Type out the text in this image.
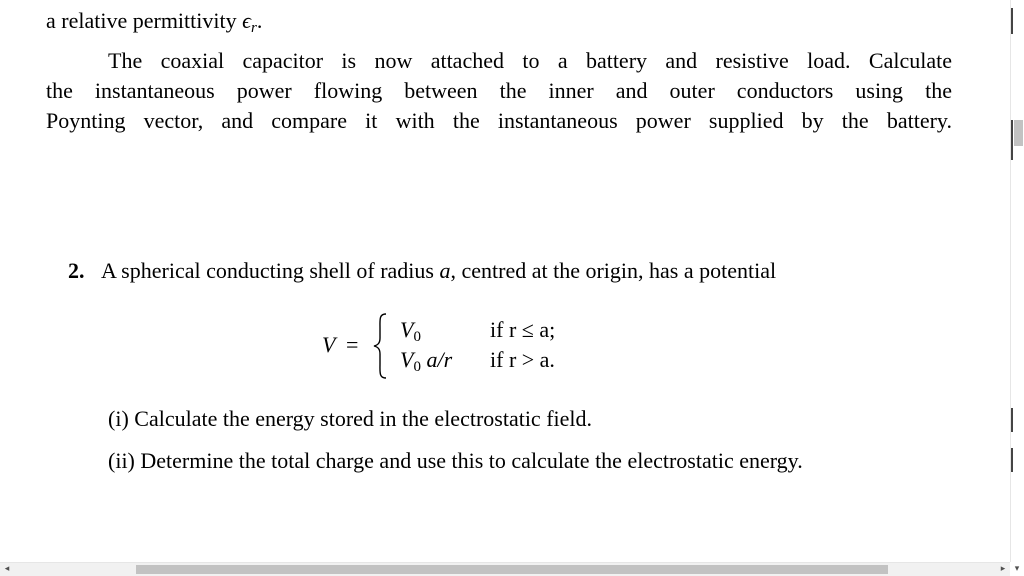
a relative permittivity $\epsilon_r$.
The coaxial capacitor is now attached to a battery and resistive load. Calculate
the instantaneous power flowing between the inner and outer conductors using the
Poynting vector, and compare it with the instantaneous power supplied by the battery.
2. A spherical conducting shell of radius a, centred at the origin, has a potential
V =
$V_0$	if r ≤ a;
$V_0$ a/r if r > a.
(i) Calculate the energy stored in the electrostatic field.
(ii) Determine the total charge and use this to calculate the electrostatic energy.
◂	▸	▾
